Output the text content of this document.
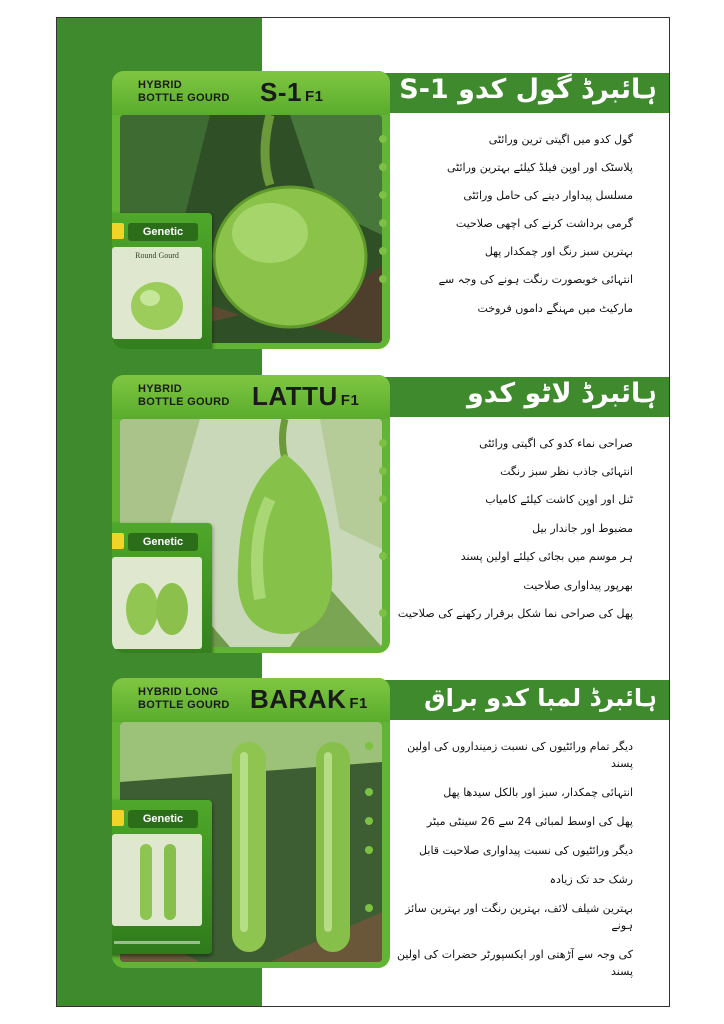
ہائبرڈ گول کدو S-1
HYBRID
BOTTLE GOURD S-1 F1
Genetic
Round Gourd
گول کدو میں اگیتی ترین ورائٹی
پلاسٹک اور اوپن فیلڈ کیلئے بہترین ورائٹی
مسلسل پیداوار دینے کی حامل ورائٹی
گرمی برداشت کرنے کی اچھی صلاحیت
بہترین سبز رنگ اور چمکدار پھل
انتہائی خوبصورت رنگت ہونے کی وجہ سے
مارکیٹ میں مہنگے داموں فروخت
ہائبرڈ لاٹو کدو
HYBRID
BOTTLE GOURD LATTU F1
Genetic
صراحی نماء کدو کی اگیتی ورائٹی
انتہائی جاذب نظر سبز رنگت
ٹنل اور اوپن کاشت کیلئے کامیاب
مضبوط اور جاندار بیل
ہر موسم میں بجائی کیلئے اولین پسند
بھرپور پیداواری صلاحیت
پھل کی صراحی نما شکل برقرار رکھنے کی صلاحیت
ہائبرڈ لمبا کدو براق
HYBRID LONG
BOTTLE GOURD BARAK F1
Genetic
دیگر تمام ورائٹیوں کی نسبت زمینداروں کی اولین پسند
انتہائی چمکدار، سبز اور بالکل سیدھا پھل
پھل کی اوسط لمبائی 24 سے 26 سینٹی میٹر
دیگر ورائٹیوں کی نسبت پیداواری صلاحیت قابل
رشک حد تک زیادہ
بہترین شیلف لائف، بہترین رنگت اور بہترین سائز ہونے
کی وجہ سے آڑھتی اور ایکسپورٹر حضرات کی اولین پسند
